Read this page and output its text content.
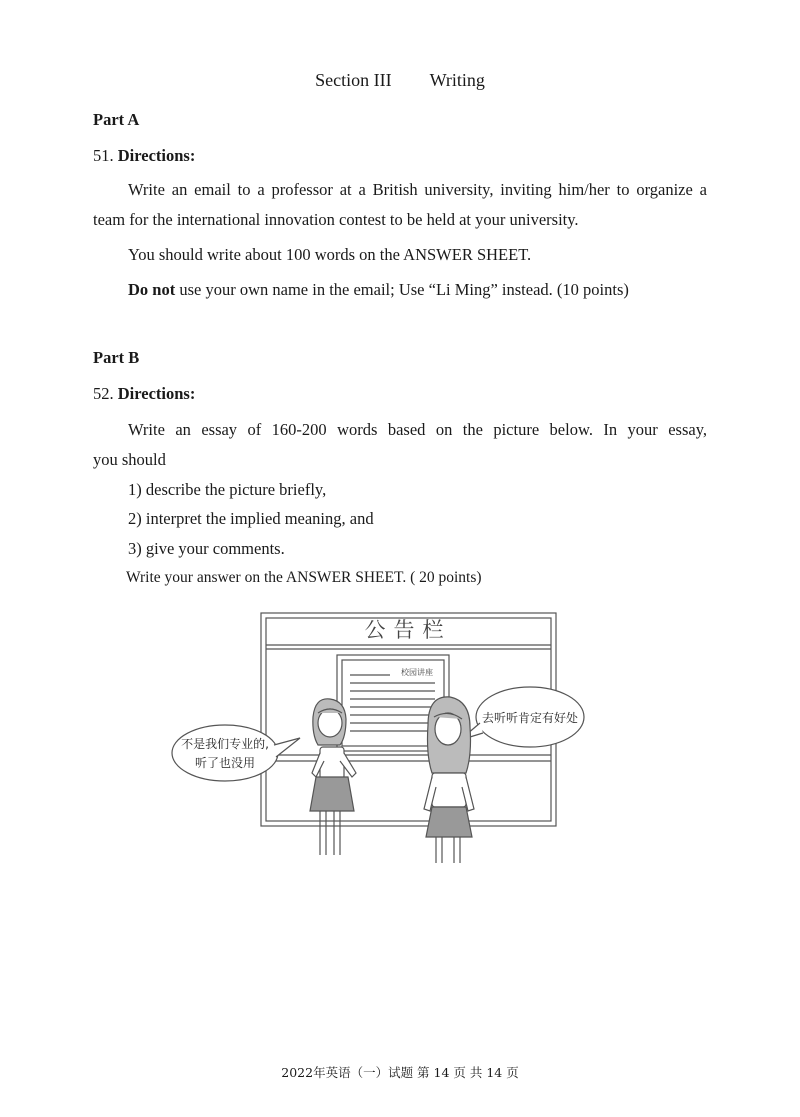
Section III Writing
Part A
51. Directions:
Write an email to a professor at a British university, inviting him/her to organize a
team for the international innovation contest to be held at your university.
You should write about 100 words on the ANSWER SHEET.
Do not use your own name in the email; Use “Li Ming” instead. (10 points)
Part B
52. Directions:
Write an essay of 160-200 words based on the picture below. In your essay,
you should
1) describe the picture briefly,
2) interpret the implied meaning, and
3) give your comments.
Write your answer on the ANSWER SHEET. ( 20 points)
公告栏
校园讲座
不是我们专业的,
听了也没用
去听听肯定有好处
2022年英语（一）试题 第 14 页 共 14 页
